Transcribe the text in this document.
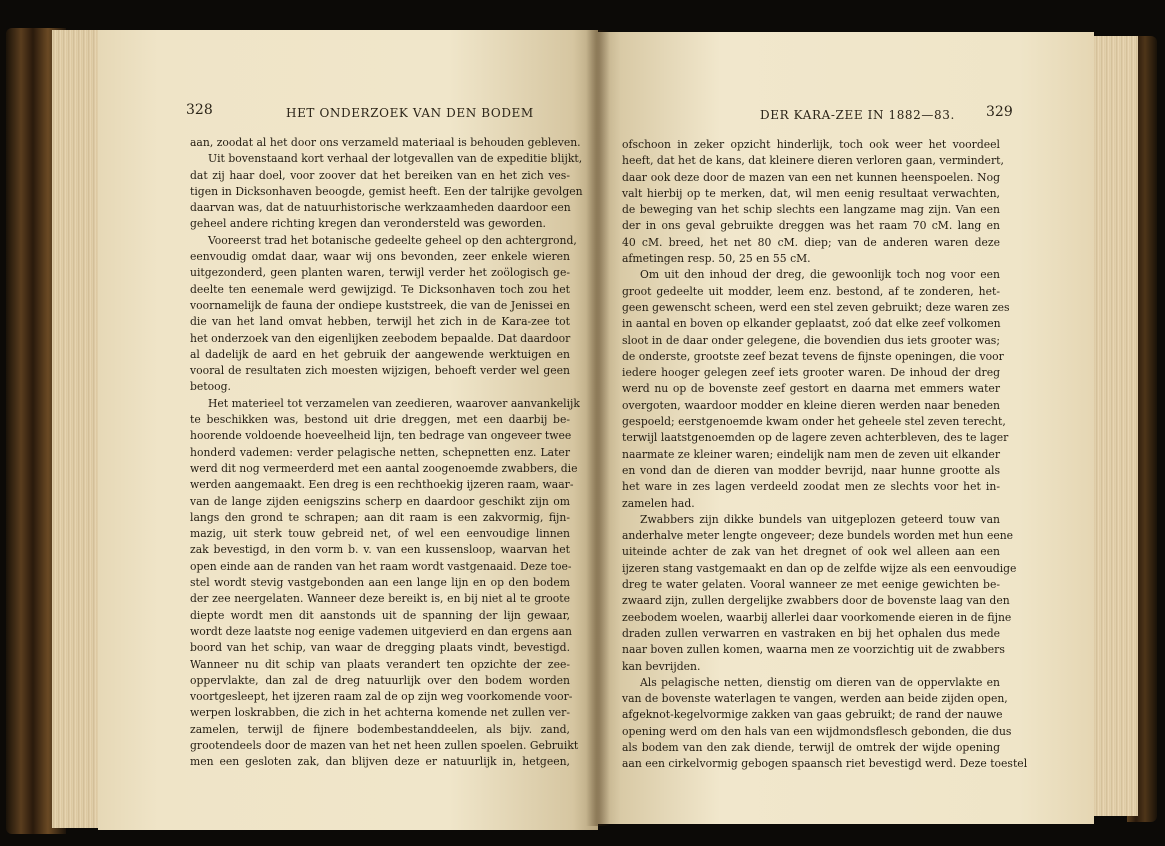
328	HET ONDERZOEK VAN DEN BODEM
aan, zoodat al het door ons verzameld materiaal is behouden gebleven.
Uit bovenstaand kort verhaal der lotgevallen van de expeditie blijkt,
dat zij haar doel, voor zoover dat het bereiken van en het zich ves-
tigen in Dicksonhaven beoogde, gemist heeft. Een der talrijke gevolgen
daarvan was, dat de natuurhistorische werkzaamheden daardoor een
geheel andere richting kregen dan verondersteld was geworden.
Vooreerst trad het botanische gedeelte geheel op den achtergrond,
eenvoudig omdat daar, waar wij ons bevonden, zeer enkele wieren
uitgezonderd, geen planten waren, terwijl verder het zoölogisch ge-
deelte ten eenemale werd gewijzigd. Te Dicksonhaven toch zou het
voornamelijk de fauna der ondiepe kuststreek, die van de Jenissei en
die van het land omvat hebben, terwijl het zich in de Kara-zee tot
het onderzoek van den eigenlijken zeebodem bepaalde. Dat daardoor
al dadelijk de aard en het gebruik der aangewende werktuigen en
vooral de resultaten zich moesten wijzigen, behoeft verder wel geen
betoog.
Het materieel tot verzamelen van zeedieren, waarover aanvankelijk
te beschikken was, bestond uit drie dreggen, met een daarbij be-
hoorende voldoende hoeveelheid lijn, ten bedrage van ongeveer twee
honderd vademen: verder pelagische netten, schepnetten enz. Later
werd dit nog vermeerderd met een aantal zoogenoemde zwabbers, die
werden aangemaakt. Een dreg is een rechthoekig ijzeren raam, waar-
van de lange zijden eenigszins scherp en daardoor geschikt zijn om
langs den grond te schrapen; aan dit raam is een zakvormig, fijn-
mazig, uit sterk touw gebreid net, of wel een eenvoudige linnen
zak bevestigd, in den vorm b. v. van een kussensloop, waarvan het
open einde aan de randen van het raam wordt vastgenaaid. Deze toe-
stel wordt stevig vastgebonden aan een lange lijn en op den bodem
der zee neergelaten. Wanneer deze bereikt is, en bij niet al te groote
diepte wordt men dit aanstonds uit de spanning der lijn gewaar,
wordt deze laatste nog eenige vademen uitgevierd en dan ergens aan
boord van het schip, van waar de dregging plaats vindt, bevestigd.
Wanneer nu dit schip van plaats verandert ten opzichte der zee-
oppervlakte, dan zal de dreg natuurlijk over den bodem worden
voortgesleept, het ijzeren raam zal de op zijn weg voorkomende voor-
werpen loskrabben, die zich in het achterna komende net zullen ver-
zamelen, terwijl de fijnere bodembestanddeelen, als bijv. zand,
grootendeels door de mazen van het net heen zullen spoelen. Gebruikt
men een gesloten zak, dan blijven deze er natuurlijk in, hetgeen,
DER KARA-ZEE IN 1882—83. 329
ofschoon in zeker opzicht hinderlijk, toch ook weer het voordeel
heeft, dat het de kans, dat kleinere dieren verloren gaan, vermindert,
daar ook deze door de mazen van een net kunnen heenspoelen. Nog
valt hierbij op te merken, dat, wil men eenig resultaat verwachten,
de beweging van het schip slechts een langzame mag zijn. Van een
der in ons geval gebruikte dreggen was het raam 70 cM. lang en
40 cM. breed, het net 80 cM. diep; van de anderen waren deze
afmetingen resp. 50, 25 en 55 cM.
Om uit den inhoud der dreg, die gewoonlijk toch nog voor een
groot gedeelte uit modder, leem enz. bestond, af te zonderen, het-
geen gewenscht scheen, werd een stel zeven gebruikt; deze waren zes
in aantal en boven op elkander geplaatst, zoó dat elke zeef volkomen
sloot in de daar onder gelegene, die bovendien dus iets grooter was;
de onderste, grootste zeef bezat tevens de fijnste openingen, die voor
iedere hooger gelegen zeef iets grooter waren. De inhoud der dreg
werd nu op de bovenste zeef gestort en daarna met emmers water
overgoten, waardoor modder en kleine dieren werden naar beneden
gespoeld; eerstgenoemde kwam onder het geheele stel zeven terecht,
terwijl laatstgenoemden op de lagere zeven achterbleven, des te lager
naarmate ze kleiner waren; eindelijk nam men de zeven uit elkander
en vond dan de dieren van modder bevrijd, naar hunne grootte als
het ware in zes lagen verdeeld zoodat men ze slechts voor het in-
zamelen had.
Zwabbers zijn dikke bundels van uitgeplozen geteerd touw van
anderhalve meter lengte ongeveer; deze bundels worden met hun eene
uiteinde achter de zak van het dregnet of ook wel alleen aan een
ijzeren stang vastgemaakt en dan op de zelfde wijze als een eenvoudige
dreg te water gelaten. Vooral wanneer ze met eenige gewichten be-
zwaard zijn, zullen dergelijke zwabbers door de bovenste laag van den
zeebodem woelen, waarbij allerlei daar voorkomende eieren in de fijne
draden zullen verwarren en vastraken en bij het ophalen dus mede
naar boven zullen komen, waarna men ze voorzichtig uit de zwabbers
kan bevrijden.
Als pelagische netten, dienstig om dieren van de oppervlakte en
van de bovenste waterlagen te vangen, werden aan beide zijden open,
afgeknot-kegelvormige zakken van gaas gebruikt; de rand der nauwe
opening werd om den hals van een wijdmondsflesch gebonden, die dus
als bodem van den zak diende, terwijl de omtrek der wijde opening
aan een cirkelvormig gebogen spaansch riet bevestigd werd. Deze toestel
